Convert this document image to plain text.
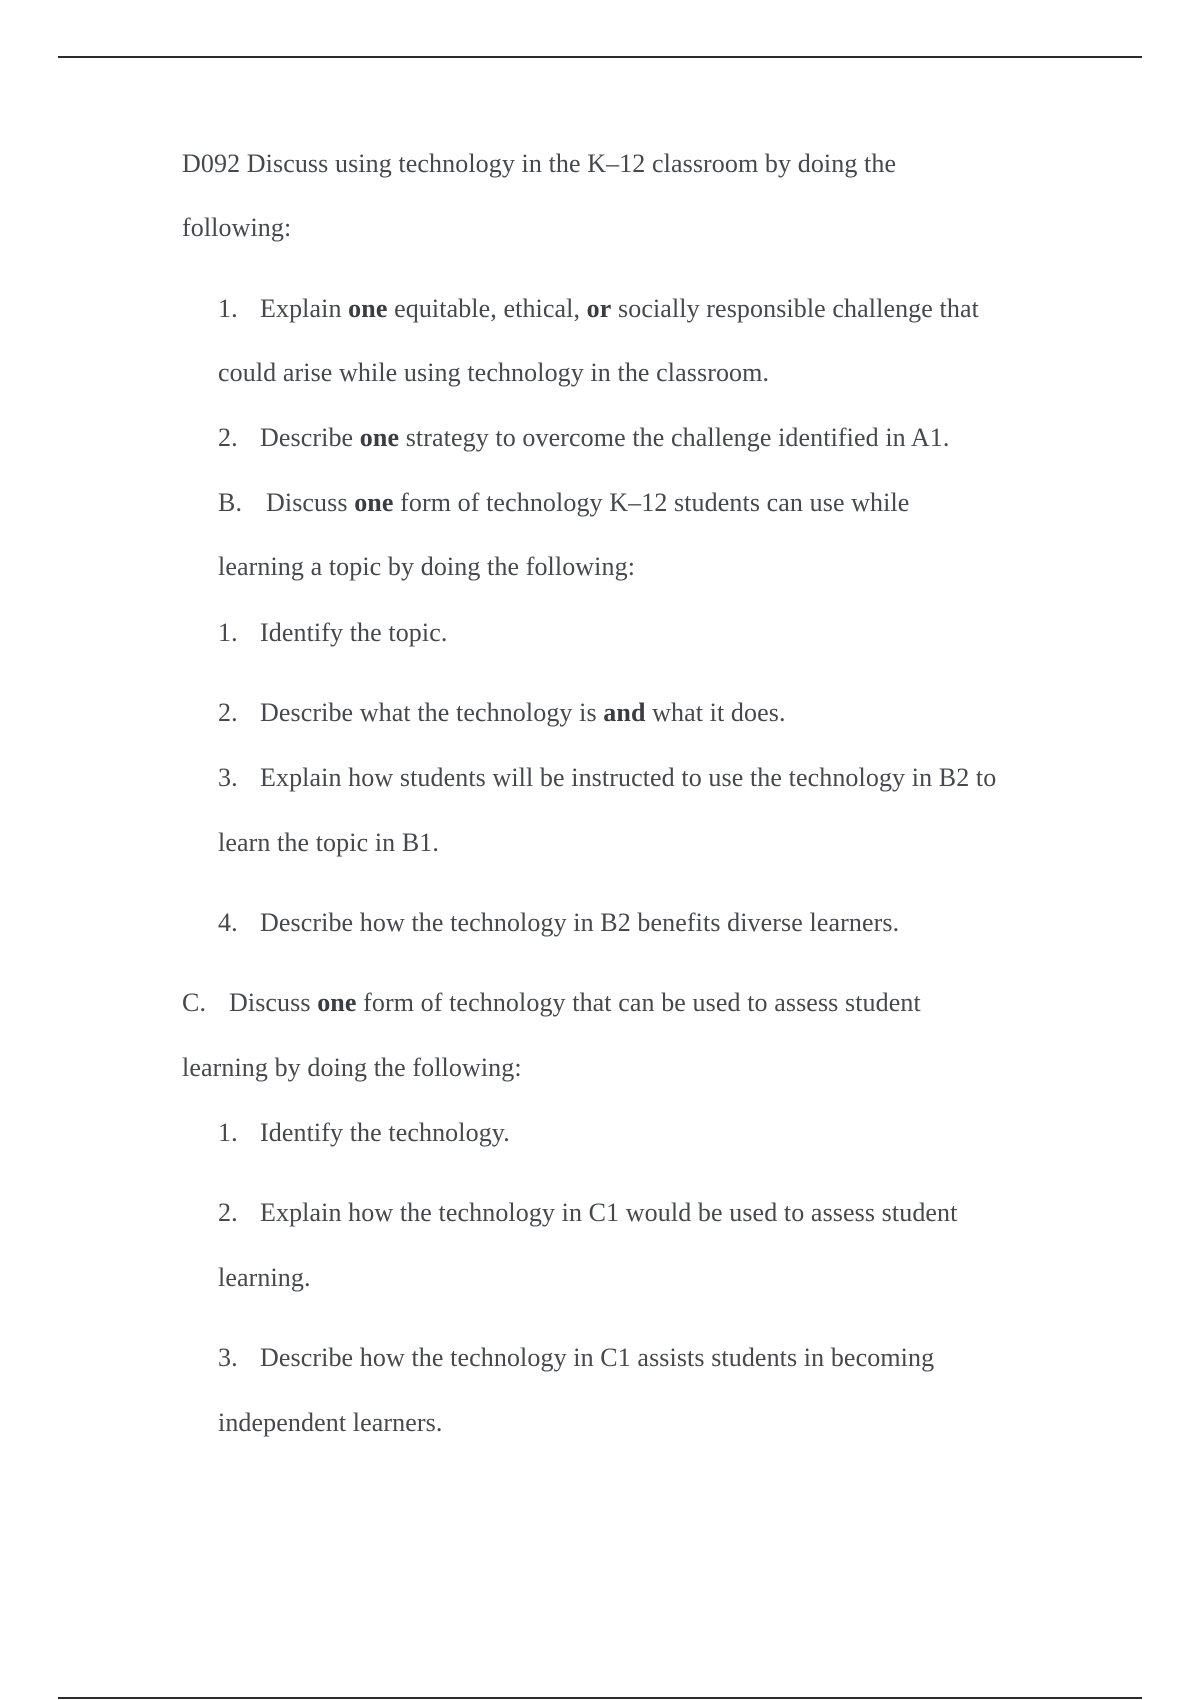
D092 Discuss using technology in the K–12 classroom by doing the
following:
1. Explain one equitable, ethical, or socially responsible challenge that
could arise while using technology in the classroom.
2. Describe one strategy to overcome the challenge identified in A1.
B. Discuss one form of technology K–12 students can use while
learning a topic by doing the following:
1. Identify the topic.
2. Describe what the technology is and what it does.
3. Explain how students will be instructed to use the technology in B2 to
learn the topic in B1.
4. Describe how the technology in B2 benefits diverse learners.
C. Discuss one form of technology that can be used to assess student
learning by doing the following:
1. Identify the technology.
2. Explain how the technology in C1 would be used to assess student
learning.
3. Describe how the technology in C1 assists students in becoming
independent learners.
